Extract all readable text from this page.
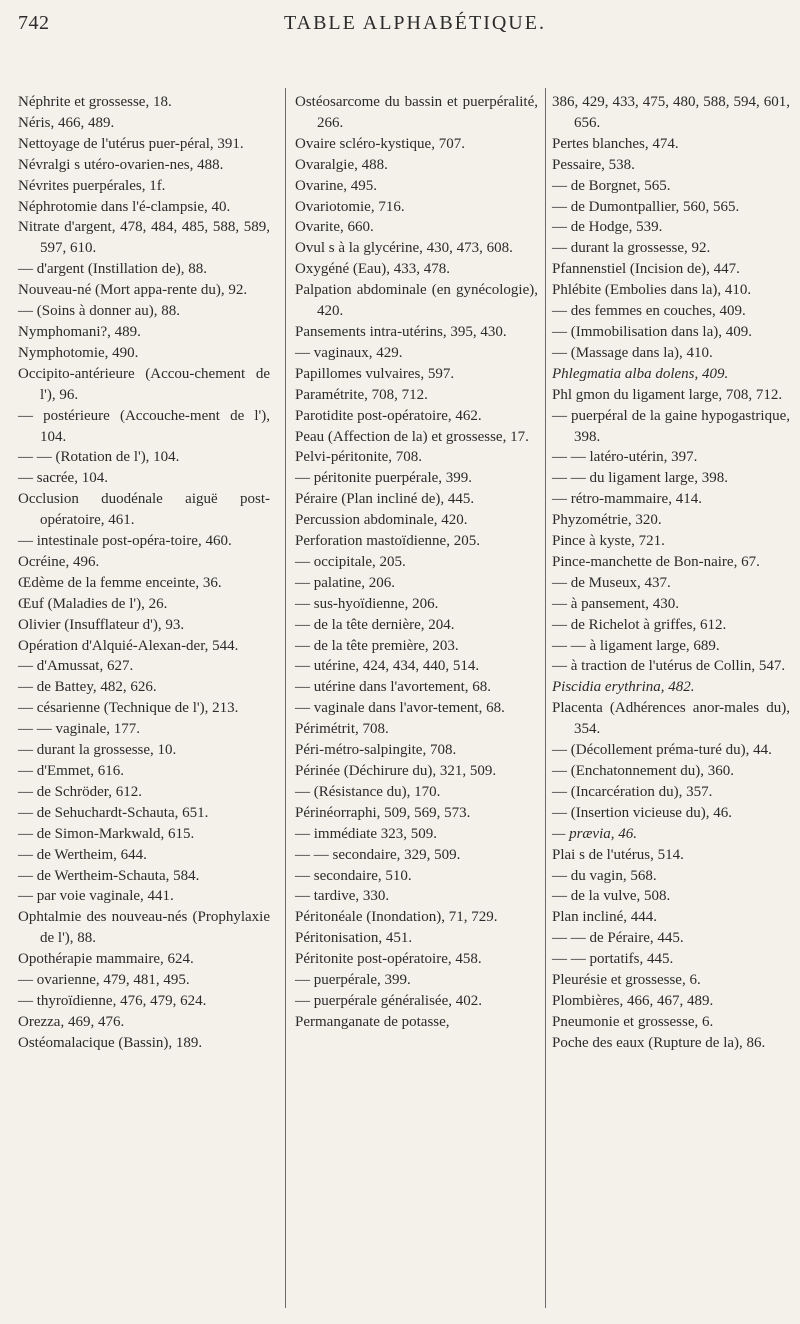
742	TABLE ALPHABÉTIQUE.
Néphrite et grossesse, 18.
Néris, 466, 489.
Nettoyage de l'utérus puer-péral, 391.
Névralgi s utéro-ovarien-nes, 488.
Névrites puerpérales, 1f.
Néphrotomie dans l'é-clampsie, 40.
Nitrate d'argent, 478, 484, 485, 588, 589, 597, 610.
— d'argent (Instillation de), 88.
Nouveau-né (Mort appa-rente du), 92.
— (Soins à donner au), 88.
Nymphomani?, 489.
Nymphotomie, 490.
Occipito-antérieure (Accou-chement de l'), 96.
— postérieure (Accouche-ment de l'), 104.
— — (Rotation de l'), 104.
— sacrée, 104.
Occlusion duodénale aiguë post-opératoire, 461.
— intestinale post-opéra-toire, 460.
Ocréine, 496.
Œdème de la femme enceinte, 36.
Œuf (Maladies de l'), 26.
Olivier (Insufflateur d'), 93.
Opération d'Alquié-Alexan-der, 544.
— d'Amussat, 627.
— de Battey, 482, 626.
— césarienne (Technique de l'), 213.
— — vaginale, 177.
— durant la grossesse, 10.
— d'Emmet, 616.
— de Schröder, 612.
— de Sehuchardt-Schauta, 651.
— de Simon-Markwald, 615.
— de Wertheim, 644.
— de Wertheim-Schauta, 584.
— par voie vaginale, 441.
Ophtalmie des nouveau-nés (Prophylaxie de l'), 88.
Opothérapie mammaire, 624.
— ovarienne, 479, 481, 495.
— thyroïdienne, 476, 479, 624.
Orezza, 469, 476.
Ostéomalacique (Bassin), 189.
Ostéosarcome du bassin et puerpéralité, 266.
Ovaire scléro-kystique, 707.
Ovaralgie, 488.
Ovarine, 495.
Ovariotomie, 716.
Ovarite, 660.
Ovul s à la glycérine, 430, 473, 608.
Oxygéné (Eau), 433, 478.
Palpation abdominale (en gynécologie), 420.
Pansements intra-utérins, 395, 430.
— vaginaux, 429.
Papillomes vulvaires, 597.
Paramétrite, 708, 712.
Parotidite post-opératoire, 462.
Peau (Affection de la) et grossesse, 17.
Pelvi-péritonite, 708.
— péritonite puerpérale, 399.
Péraire (Plan incliné de), 445.
Percussion abdominale, 420.
Perforation mastoïdienne, 205.
— occipitale, 205.
— palatine, 206.
— sus-hyoïdienne, 206.
— de la tête dernière, 204.
— de la tête première, 203.
— utérine, 424, 434, 440, 514.
— utérine dans l'avortement, 68.
— vaginale dans l'avor-tement, 68.
Périmétrit, 708.
Péri-métro-salpingite, 708.
Périnée (Déchirure du), 321, 509.
— (Résistance du), 170.
Périnéorraphi, 509, 569, 573.
— immédiate 323, 509.
— — secondaire, 329, 509.
— secondaire, 510.
— tardive, 330.
Péritonéale (Inondation), 71, 729.
Péritonisation, 451.
Péritonite post-opératoire, 458.
— puerpérale, 399.
— puerpérale généralisée, 402.
Permanganate de potasse,
386, 429, 433, 475, 480, 588, 594, 601, 656.
Pertes blanches, 474.
Pessaire, 538.
— de Borgnet, 565.
— de Dumontpallier, 560, 565.
— de Hodge, 539.
— durant la grossesse, 92.
Pfannenstiel (Incision de), 447.
Phlébite (Embolies dans la), 410.
— des femmes en couches, 409.
— (Immobilisation dans la), 409.
— (Massage dans la), 410.
Phlegmatia alba dolens, 409.
Phl gmon du ligament large, 708, 712.
— puerpéral de la gaine hypogastrique, 398.
— — latéro-utérin, 397.
— — du ligament large, 398.
— rétro-mammaire, 414.
Phyzométrie, 320.
Pince à kyste, 721.
Pince-manchette de Bon-naire, 67.
— de Museux, 437.
— à pansement, 430.
— de Richelot à griffes, 612.
— — à ligament large, 689.
— à traction de l'utérus de Collin, 547.
Piscidia erythrina, 482.
Placenta (Adhérences anor-males du), 354.
— (Décollement préma-turé du), 44.
— (Enchatonnement du), 360.
— (Incarcération du), 357.
— (Insertion vicieuse du), 46.
— prævia, 46.
Plai s de l'utérus, 514.
— du vagin, 568.
— de la vulve, 508.
Plan incliné, 444.
— — de Péraire, 445.
— — portatifs, 445.
Pleurésie et grossesse, 6.
Plombières, 466, 467, 489.
Pneumonie et grossesse, 6.
Poche des eaux (Rupture de la), 86.
